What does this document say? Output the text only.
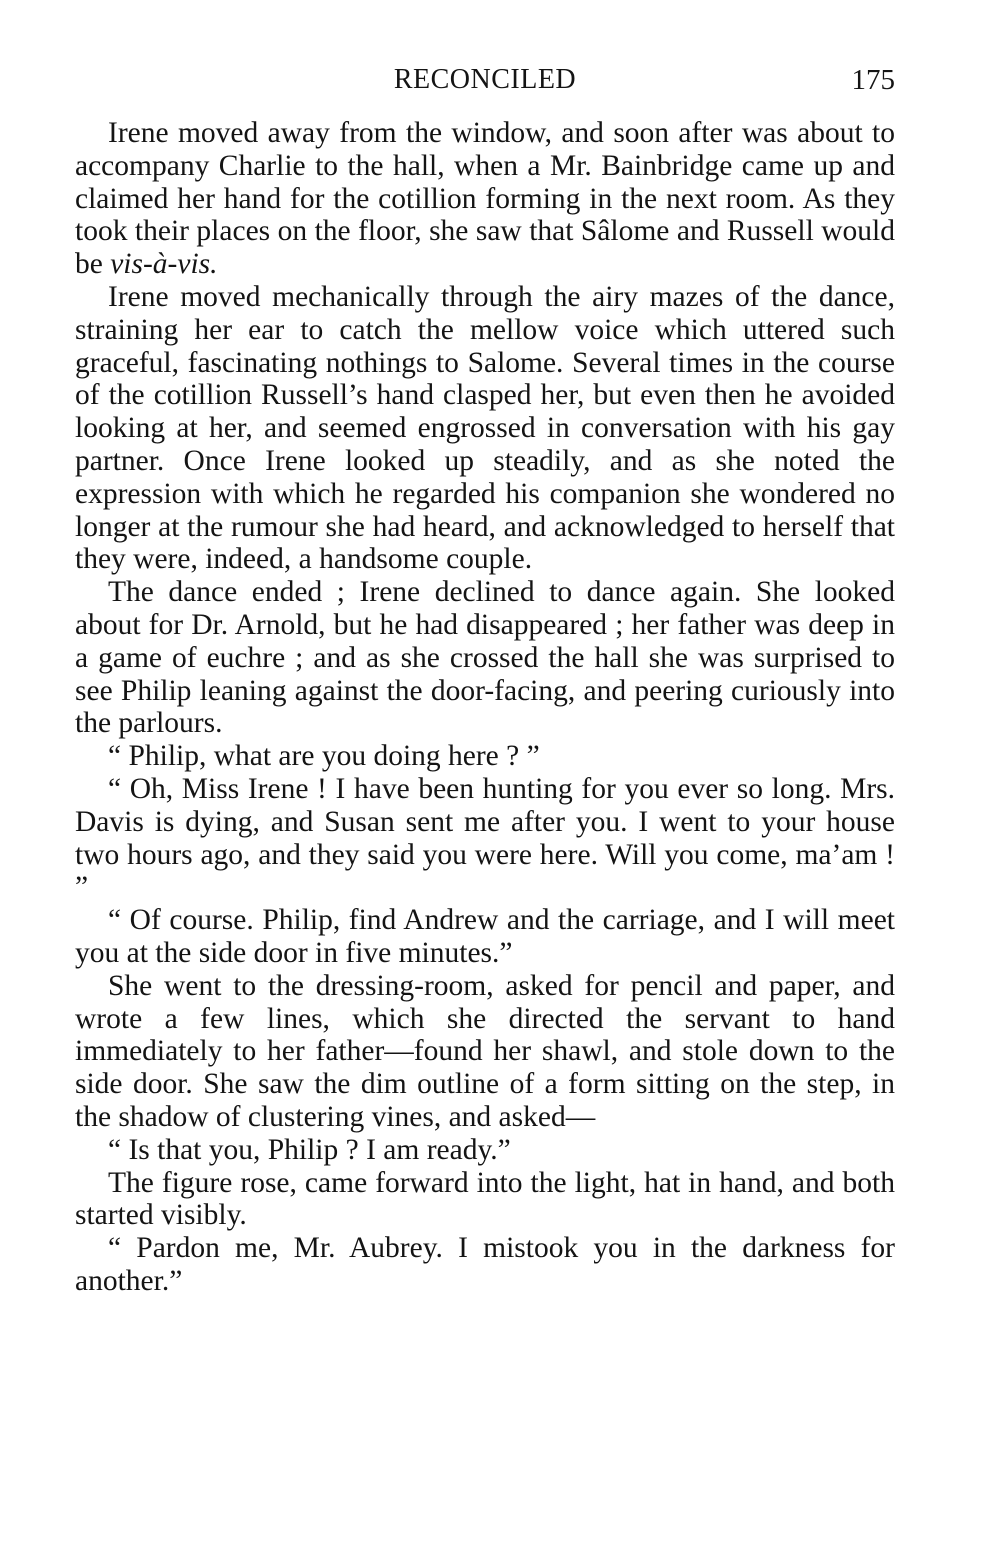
RECONCILED	175

Irene moved away from the window, and soon after was about to accompany Charlie to the hall, when a Mr. Bainbridge came up and claimed her hand for the cotillion forming in the next room. As they took their places on the floor, she saw that Sâlome and Russell would be vis-à-vis.

Irene moved mechanically through the airy mazes of the dance, straining her ear to catch the mellow voice which uttered such graceful, fascinating nothings to Salome. Several times in the course of the cotillion Russell’s hand clasped her, but even then he avoided looking at her, and seemed engrossed in conversation with his gay partner. Once Irene looked up steadily, and as she noted the expression with which he regarded his companion she wondered no longer at the rumour she had heard, and acknowledged to herself that they were, indeed, a handsome couple.

The dance ended ; Irene declined to dance again. She looked about for Dr. Arnold, but he had disappeared ; her father was deep in a game of euchre ; and as she crossed the hall she was surprised to see Philip leaning against the door-facing, and peering curiously into the parlours.

“ Philip, what are you doing here ? ”

“ Oh, Miss Irene ! I have been hunting for you ever so long. Mrs. Davis is dying, and Susan sent me after you. I went to your house two hours ago, and they said you were here. Will you come, ma’am ! ”

“ Of course. Philip, find Andrew and the carriage, and I will meet you at the side door in five minutes.”

She went to the dressing-room, asked for pencil and paper, and wrote a few lines, which she directed the servant to hand immediately to her father—found her shawl, and stole down to the side door. She saw the dim outline of a form sitting on the step, in the shadow of clustering vines, and asked—

“ Is that you, Philip ? I am ready.”

The figure rose, came forward into the light, hat in hand, and both started visibly.

“ Pardon me, Mr. Aubrey. I mistook you in the darkness for another.”
